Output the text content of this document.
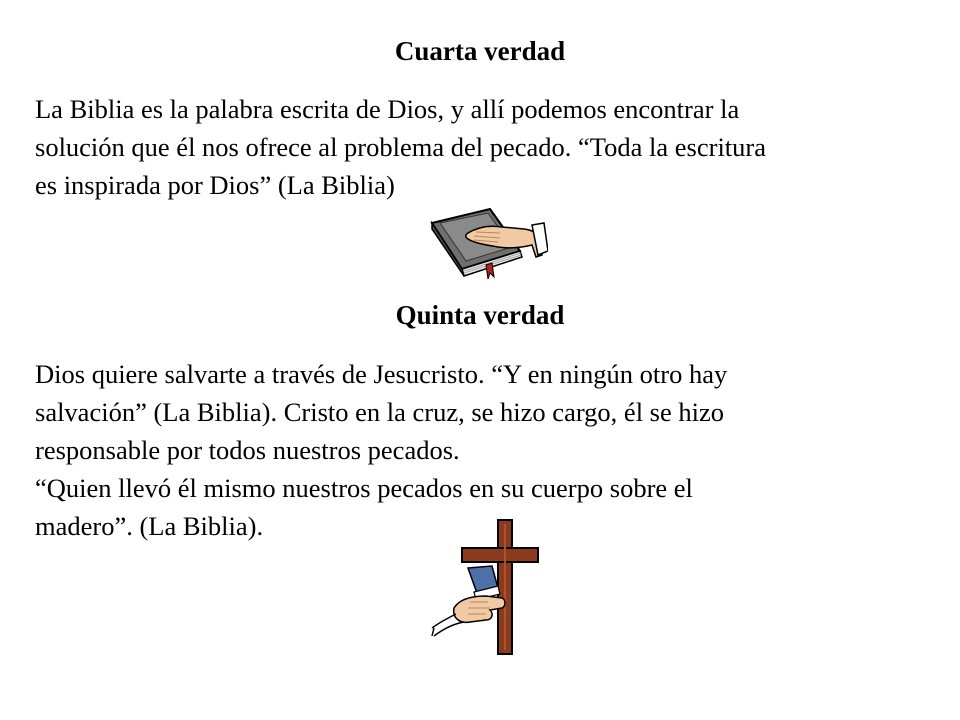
Cuarta verdad

La Biblia es la palabra escrita de Dios, y allí podemos encontrar la
solución que él nos ofrece al problema del pecado. “Toda la escritura
es inspirada por Dios” (La Biblia)

Quinta verdad

Dios quiere salvarte a través de Jesucristo. “Y en ningún otro hay
salvación” (La Biblia). Cristo en la cruz, se hizo cargo, él se hizo
responsable por todos nuestros pecados.
“Quien llevó él mismo nuestros pecados en su cuerpo sobre el
madero”. (La Biblia).
